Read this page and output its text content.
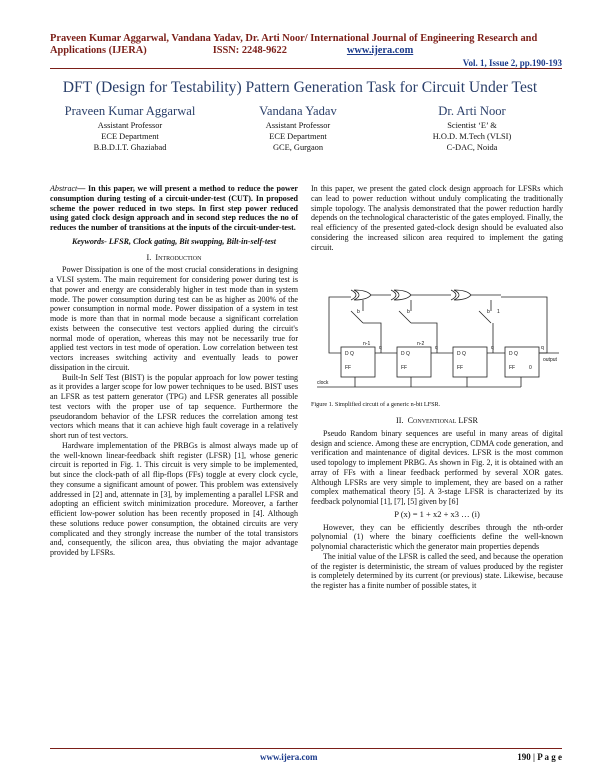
Praveen Kumar Aggarwal, Vandana Yadav, Dr. Arti Noor/ International Journal of Engineering Research and
Applications (IJERA)	ISSN: 2248-9622	www.ijera.com
Vol. 1, Issue 2, pp.190-193
DFT (Design for Testability) Pattern Generation Task for Circuit Under Test
Praveen Kumar Aggarwal
Assistant Professor
ECE Department
B.B.D.I.T. Ghaziabad
Vandana Yadav
Assistant Professor
ECE Department
GCE, Gurgaon
Dr. Arti Noor
Scientist ‘E’ &
H.O.D. M.Tech (VLSI)
C-DAC, Noida

Abstract— In this paper, we will present a method to reduce the power consumption during testing of a circuit-under-test (CUT). In proposed scheme the power reduced in two steps. In first step power reduced using gated clock design approach and in second step reduces the no of reduces the number of transitions at the inputs of the circuit-under-test.

Keywords- LFSR, Clock gating, Bit swapping, Bilt-in-self-test

I. Introduction

Power Dissipation is one of the most crucial considerations in designing a VLSI system. The main requirement for considering power during test is that power and energy are considerably higher in test mode than in system mode. The power consumption during test can be as higher as 200% of the power consumption in normal mode. Power dissipation of a system in test mode is more than that in normal mode because a significant correlation exists between the consecutive test vectors applied during the circuit's normal mode of operation, whereas this may not be necessarily true for applied test vectors in test mode of operation. Low correlation between test vectors increases switching activity and eventually leads to power dissipation in the circuit.

Built-In Self Test (BIST) is the popular approach for low power testing as it provides a larger scope for low power techniques to be used. BIST uses an LFSR as test pattern generator (TPG) and LFSR generates all possible test vectors with the proper use of tap sequence. Furthermore the pseudorandom behavior of the LFSR reduces the correlation among test vectors which means that it can achieve high fault coverage in a relatively short run of test vectors.

Hardware implementation of the PRBGs is almost always made up of the well-known linear-feedback shift register (LFSR) [1], whose generic circuit is reported in Fig. 1. This circuit is very simple to be implemented, but since the clock-path of all flip-flops (FFs) toggle at every clock cycle, they consume a significant amount of power. This problem was extensively addressed in [2] and, attennate in [3], by implementing a parallel LFSR and adopting an efficient switch minimization procedure. Moreover, a farther efficient low-power solution has been recently proposed in [4]. Although these solutions reduce power consumption, the obtained circuits are very complicated and they strongly increase the number of the total transistors and, consequently, the silicon area, thus obviating the major advantage provided by LFSRs.

In this paper, we present the gated clock design approach for LFSRs which can lead to power reduction without unduly complicating the traditionally simple topology. The analysis demonstrated that the power reduction hardly depends on the technological characteristic of the gates employed. Finally, the real efficiency of the presented gated-clock design should be evaluated also considering the increased silicon area required to implement the gating circuit.

b	b	b
D Q	D Q	D Q	D Q
FF	FF	FF	FF
q	q	q	q
output
clock
n-1	n-2
1
0
Figure 1. Simplified circuit of a generic n-bit LFSR.

II. Conventional LFSR

Pseudo Random binary sequences are useful in many areas of digital design and science. Among these are encryption, CDMA code generation, and verification and maintenance of digital devices. LFSR is the most common used topology to implement PRBG. As shown in Fig. 2, it is obtained with an array of FFs with a linear feedback performed by several XOR gates. Although LFSRs are very simple to implement, they are based on a rather complex mathematical theory [5]. A 3-stage LFSR is characterized by its feedback polynomial [1], [7], [5] given by [6]

P (x) = 1 + x2 + x3 … (i)

However, they can be efficiently describes through the nth-order polynomial (1) where the binary coefficients define the well-known polynomial characteristic which the generator main properties depends

The initial value of the LFSR is called the seed, and because the operation of the register is deterministic, the stream of values produced by the register is completely determined by its current (or previous) state. Likewise, because the register has a finite number of possible states, it

www.ijera.com	190 | P a g e
